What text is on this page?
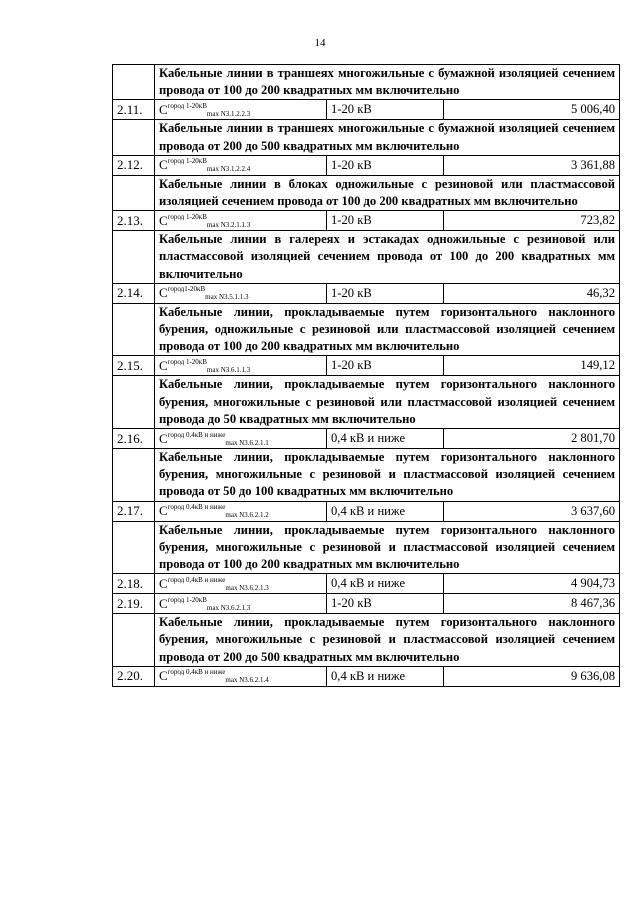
14
	Кабельные линии в траншеях многожильные с бумажной изоляцией сечением провода от 100 до 200 квадратных мм включительно		
2.11.	$C^{город 1-20кВ}_{max N3.1.2.2.3}$	1-20 кВ	5 006,40
	Кабельные линии в траншеях многожильные с бумажной изоляцией сечением провода от 200 до 500 квадратных мм включительно		
2.12.	$C^{город 1-20кВ}_{max N3.1.2.2.4}$	1-20 кВ	3 361,88
	Кабельные линии в блоках одножильные с резиновой или пластмассовой изоляцией сечением провода от 100 до 200 квадратных мм включительно		
2.13.	$C^{город 1-20кВ}_{max N3.2.1.1.3}$	1-20 кВ	723,82
	Кабельные линии в галереях и эстакадах одножильные с резиновой или пластмассовой изоляцией сечением провода от 100 до 200 квадратных мм включительно		
2.14.	$C^{город1-20кВ}_{max N3.5.1.1.3}$	1-20 кВ	46,32
	Кабельные линии, прокладываемые путем горизонтального наклонного бурения, одножильные с резиновой или пластмассовой изоляцией сечением провода от 100 до 200 квадратных мм включительно		
2.15.	$C^{город 1-20кВ}_{max N3.6.1.1.3}$	1-20 кВ	149,12
	Кабельные линии, прокладываемые путем горизонтального наклонного бурения, многожильные с резиновой или пластмассовой изоляцией сечением провода до 50 квадратных мм включительно		
2.16.	$C^{город 0,4кВ и ниже}_{max N3.6.2.1.1}$	0,4 кВ и ниже	2 801,70
	Кабельные линии, прокладываемые путем горизонтального наклонного бурения, многожильные с резиновой и пластмассовой изоляцией сечением провода от 50 до 100 квадратных мм включительно		
2.17.	$C^{город 0,4кВ и ниже}_{max N3.6.2.1.2}$	0,4 кВ и ниже	3 637,60
	Кабельные линии, прокладываемые путем горизонтального наклонного бурения, многожильные с резиновой и пластмассовой изоляцией сечением провода от 100 до 200 квадратных мм включительно		
2.18.	$C^{город 0,4кВ и ниже}_{max N3.6.2.1.3}$	0,4 кВ и ниже	4 904,73
2.19.	$C^{город 1-20кВ}_{max N3.6.2.1.3}$	1-20 кВ	8 467,36
	Кабельные линии, прокладываемые путем горизонтального наклонного бурения, многожильные с резиновой и пластмассовой изоляцией сечением провода от 200 до 500 квадратных мм включительно		
2.20.	$C^{город 0,4кВ и ниже}_{max N3.6.2.1.4}$	0,4 кВ и ниже	9 636,08
